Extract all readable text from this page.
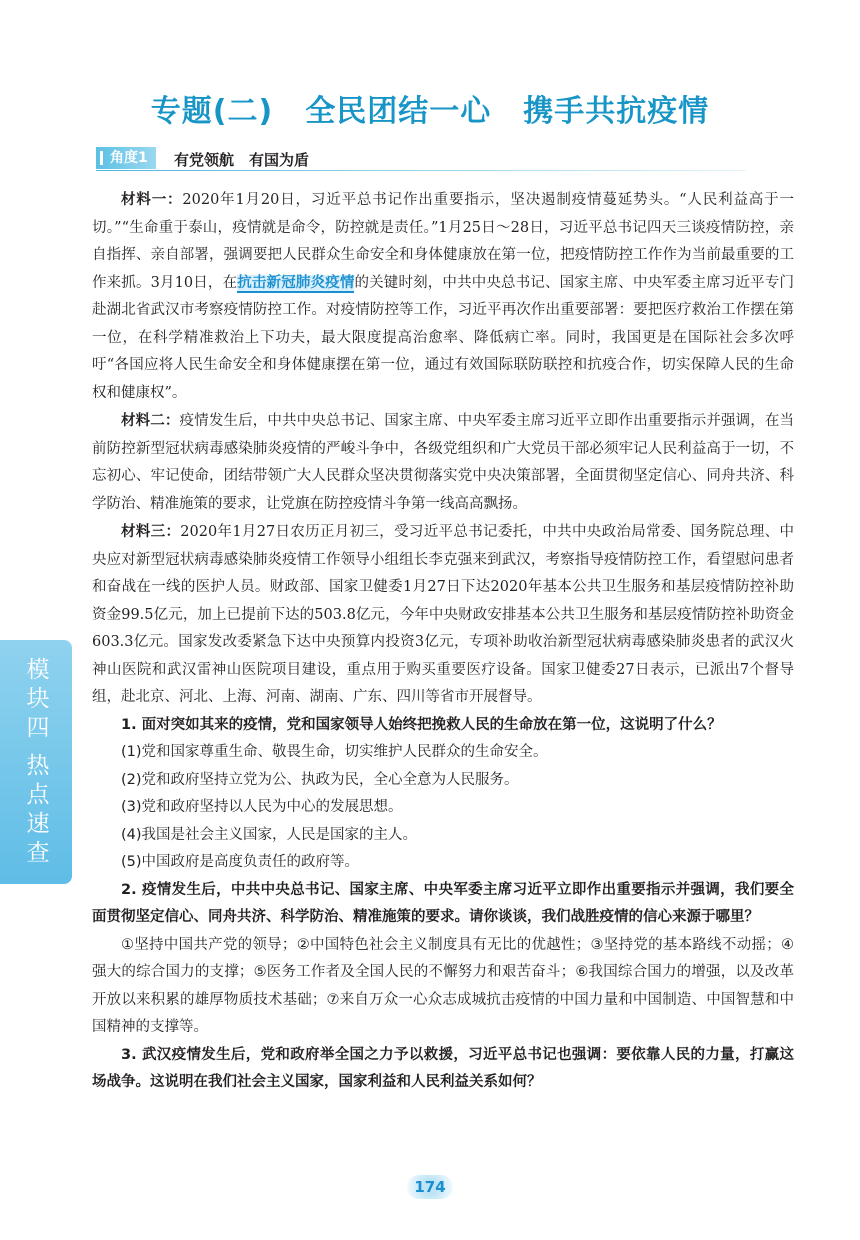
专题(二) 全民团结一心 携手共抗疫情
角度1	有党领航　有国为盾

材料一：2020年1月20日，习近平总书记作出重要指示，坚决遏制疫情蔓延势头。“人民利益高于一切。”“生命重于泰山，疫情就是命令，防控就是责任。”1月25日～28日，习近平总书记四天三谈疫情防控，亲自指挥、亲自部署，强调要把人民群众生命安全和身体健康放在第一位，把疫情防控工作作为当前最重要的工作来抓。3月10日，在抗击新冠肺炎疫情的关键时刻，中共中央总书记、国家主席、中央军委主席习近平专门赴湖北省武汉市考察疫情防控工作。对疫情防控等工作，习近平再次作出重要部署：要把医疗救治工作摆在第一位，在科学精准救治上下功夫，最大限度提高治愈率、降低病亡率。同时，我国更是在国际社会多次呼吁“各国应将人民生命安全和身体健康摆在第一位，通过有效国际联防联控和抗疫合作，切实保障人民的生命权和健康权”。

材料二：疫情发生后，中共中央总书记、国家主席、中央军委主席习近平立即作出重要指示并强调，在当前防控新型冠状病毒感染肺炎疫情的严峻斗争中，各级党组织和广大党员干部必须牢记人民利益高于一切，不忘初心、牢记使命，团结带领广大人民群众坚决贯彻落实党中央决策部署，全面贯彻坚定信心、同舟共济、科学防治、精准施策的要求，让党旗在防控疫情斗争第一线高高飘扬。

材料三：2020年1月27日农历正月初三，受习近平总书记委托，中共中央政治局常委、国务院总理、中央应对新型冠状病毒感染肺炎疫情工作领导小组组长李克强来到武汉，考察指导疫情防控工作，看望慰问患者和奋战在一线的医护人员。财政部、国家卫健委1月27日下达2020年基本公共卫生服务和基层疫情防控补助资金99.5亿元，加上已提前下达的503.8亿元，今年中央财政安排基本公共卫生服务和基层疫情防控补助资金603.3亿元。国家发改委紧急下达中央预算内投资3亿元，专项补助收治新型冠状病毒感染肺炎患者的武汉火神山医院和武汉雷神山医院项目建设，重点用于购买重要医疗设备。国家卫健委27日表示，已派出7个督导组，赴北京、河北、上海、河南、湖南、广东、四川等省市开展督导。

1. 面对突如其来的疫情，党和国家领导人始终把挽救人民的生命放在第一位，这说明了什么？

(1)党和国家尊重生命、敬畏生命，切实维护人民群众的生命安全。

(2)党和政府坚持立党为公、执政为民，全心全意为人民服务。

(3)党和政府坚持以人民为中心的发展思想。

(4)我国是社会主义国家，人民是国家的主人。

(5)中国政府是高度负责任的政府等。

2. 疫情发生后，中共中央总书记、国家主席、中央军委主席习近平立即作出重要指示并强调，我们要全面贯彻坚定信心、同舟共济、科学防治、精准施策的要求。请你谈谈，我们战胜疫情的信心来源于哪里？

①坚持中国共产党的领导；②中国特色社会主义制度具有无比的优越性；③坚持党的基本路线不动摇；④强大的综合国力的支撑；⑤医务工作者及全国人民的不懈努力和艰苦奋斗；⑥我国综合国力的增强，以及改革开放以来积累的雄厚物质技术基础；⑦来自万众一心众志成城抗击疫情的中国力量和中国制造、中国智慧和中国精神的支撑等。

3. 武汉疫情发生后，党和政府举全国之力予以救援，习近平总书记也强调：要依靠人民的力量，打赢这场战争。这说明在我们社会主义国家，国家利益和人民利益关系如何？

模块四
热点速查
174
